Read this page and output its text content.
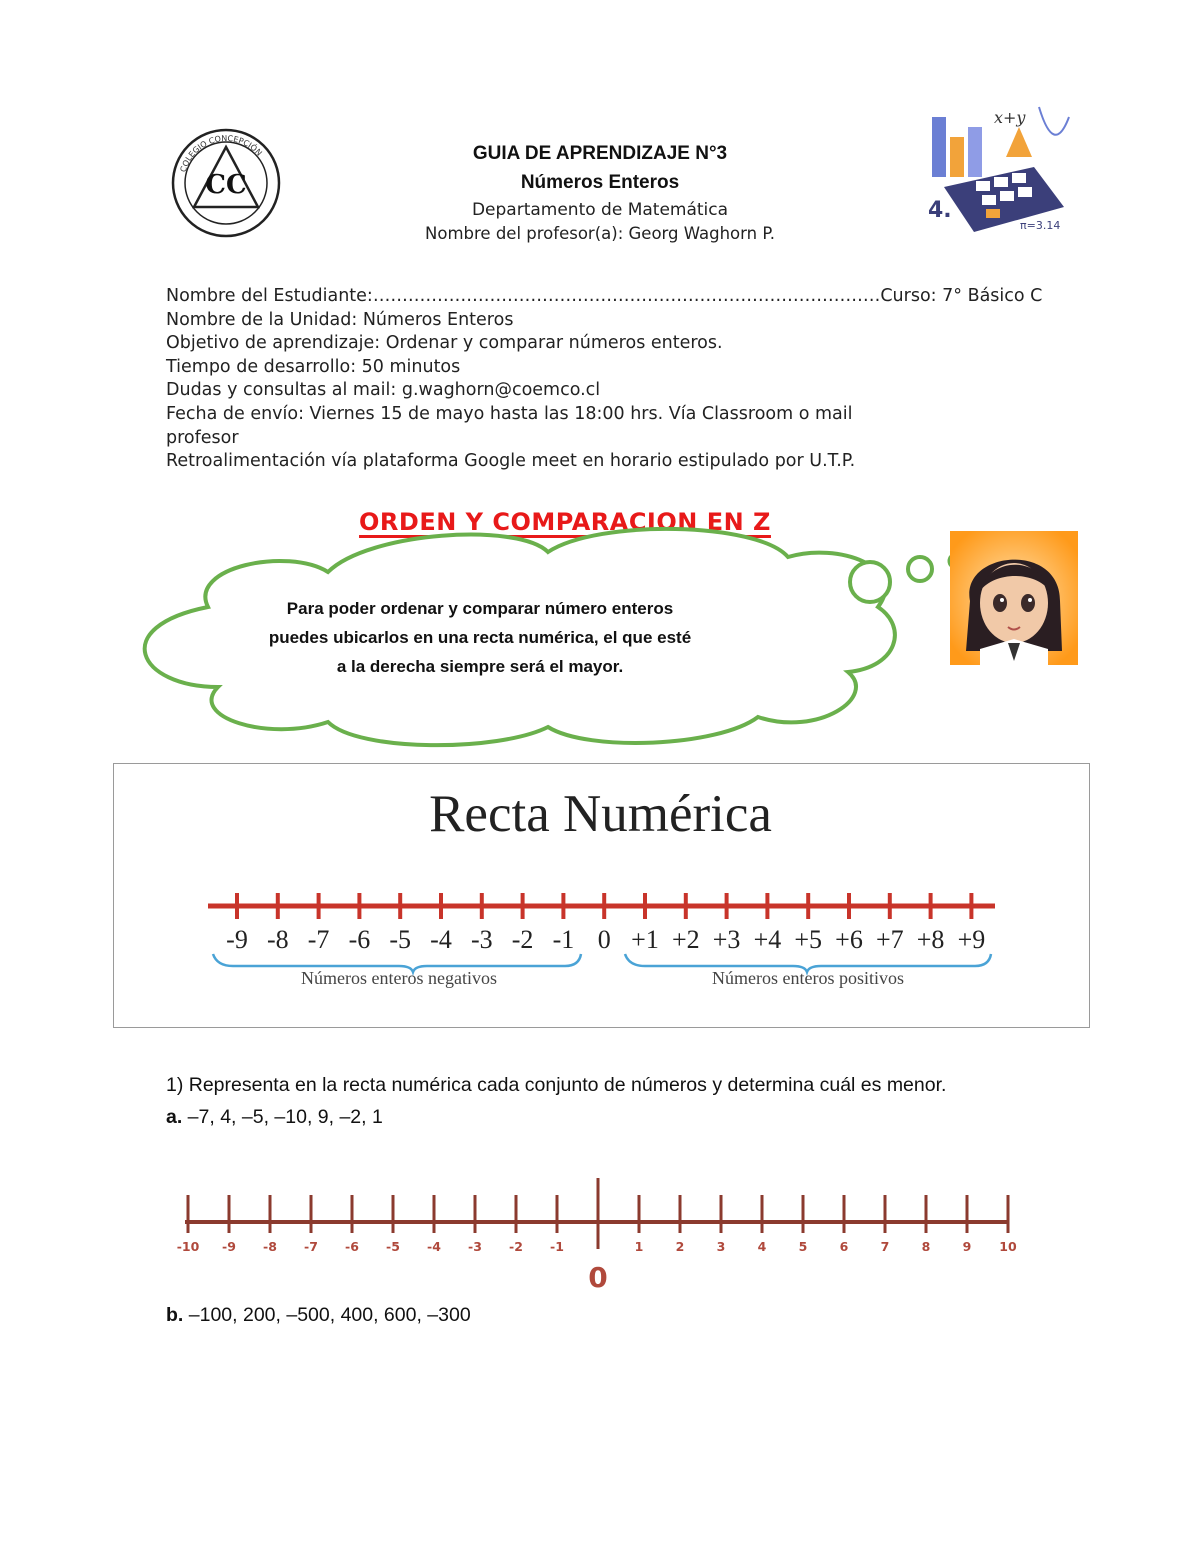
CC
COLEGIO CONCEPCIÓN
x+y
4.
π=3.14
GUIA DE APRENDIZAJE N°3
Números Enteros
Departamento de Matemática
Nombre del profesor(a): Georg Waghorn P.
Nombre del Estudiante:……………………………………………………………………………Curso: 7° Básico C
Nombre de la Unidad: Números Enteros
Objetivo de aprendizaje: Ordenar y comparar números enteros.
Tiempo de desarrollo: 50 minutos
Dudas y consultas al mail: g.waghorn@coemco.cl
Fecha de envío: Viernes 15 de mayo hasta las 18:00 hrs. Vía Classroom o mail
profesor
Retroalimentación vía plataforma Google meet en horario estipulado por U.T.P.
ORDEN Y COMPARACION EN Z
Para poder ordenar y comparar número enteros
puedes ubicarlos en una recta numérica, el que esté
a la derecha siempre será el mayor.
Recta Numérica
-9 -8 -7 -6 -5 -4 -3 -2 -1 0 +1 +2 +3 +4 +5 +6 +7 +8 +9
Números enteros negativos	Números enteros positivos
1) Representa en la recta numérica cada conjunto de números y determina cuál es menor.
a. –7, 4, –5, –10, 9, –2, 1
-10 -9 -8 -7 -6 -5 -4 -3 -2 -1	1	2	3	4	5	6	7	8	9 10
0
b. –100, 200, –500, 400, 600, –300
